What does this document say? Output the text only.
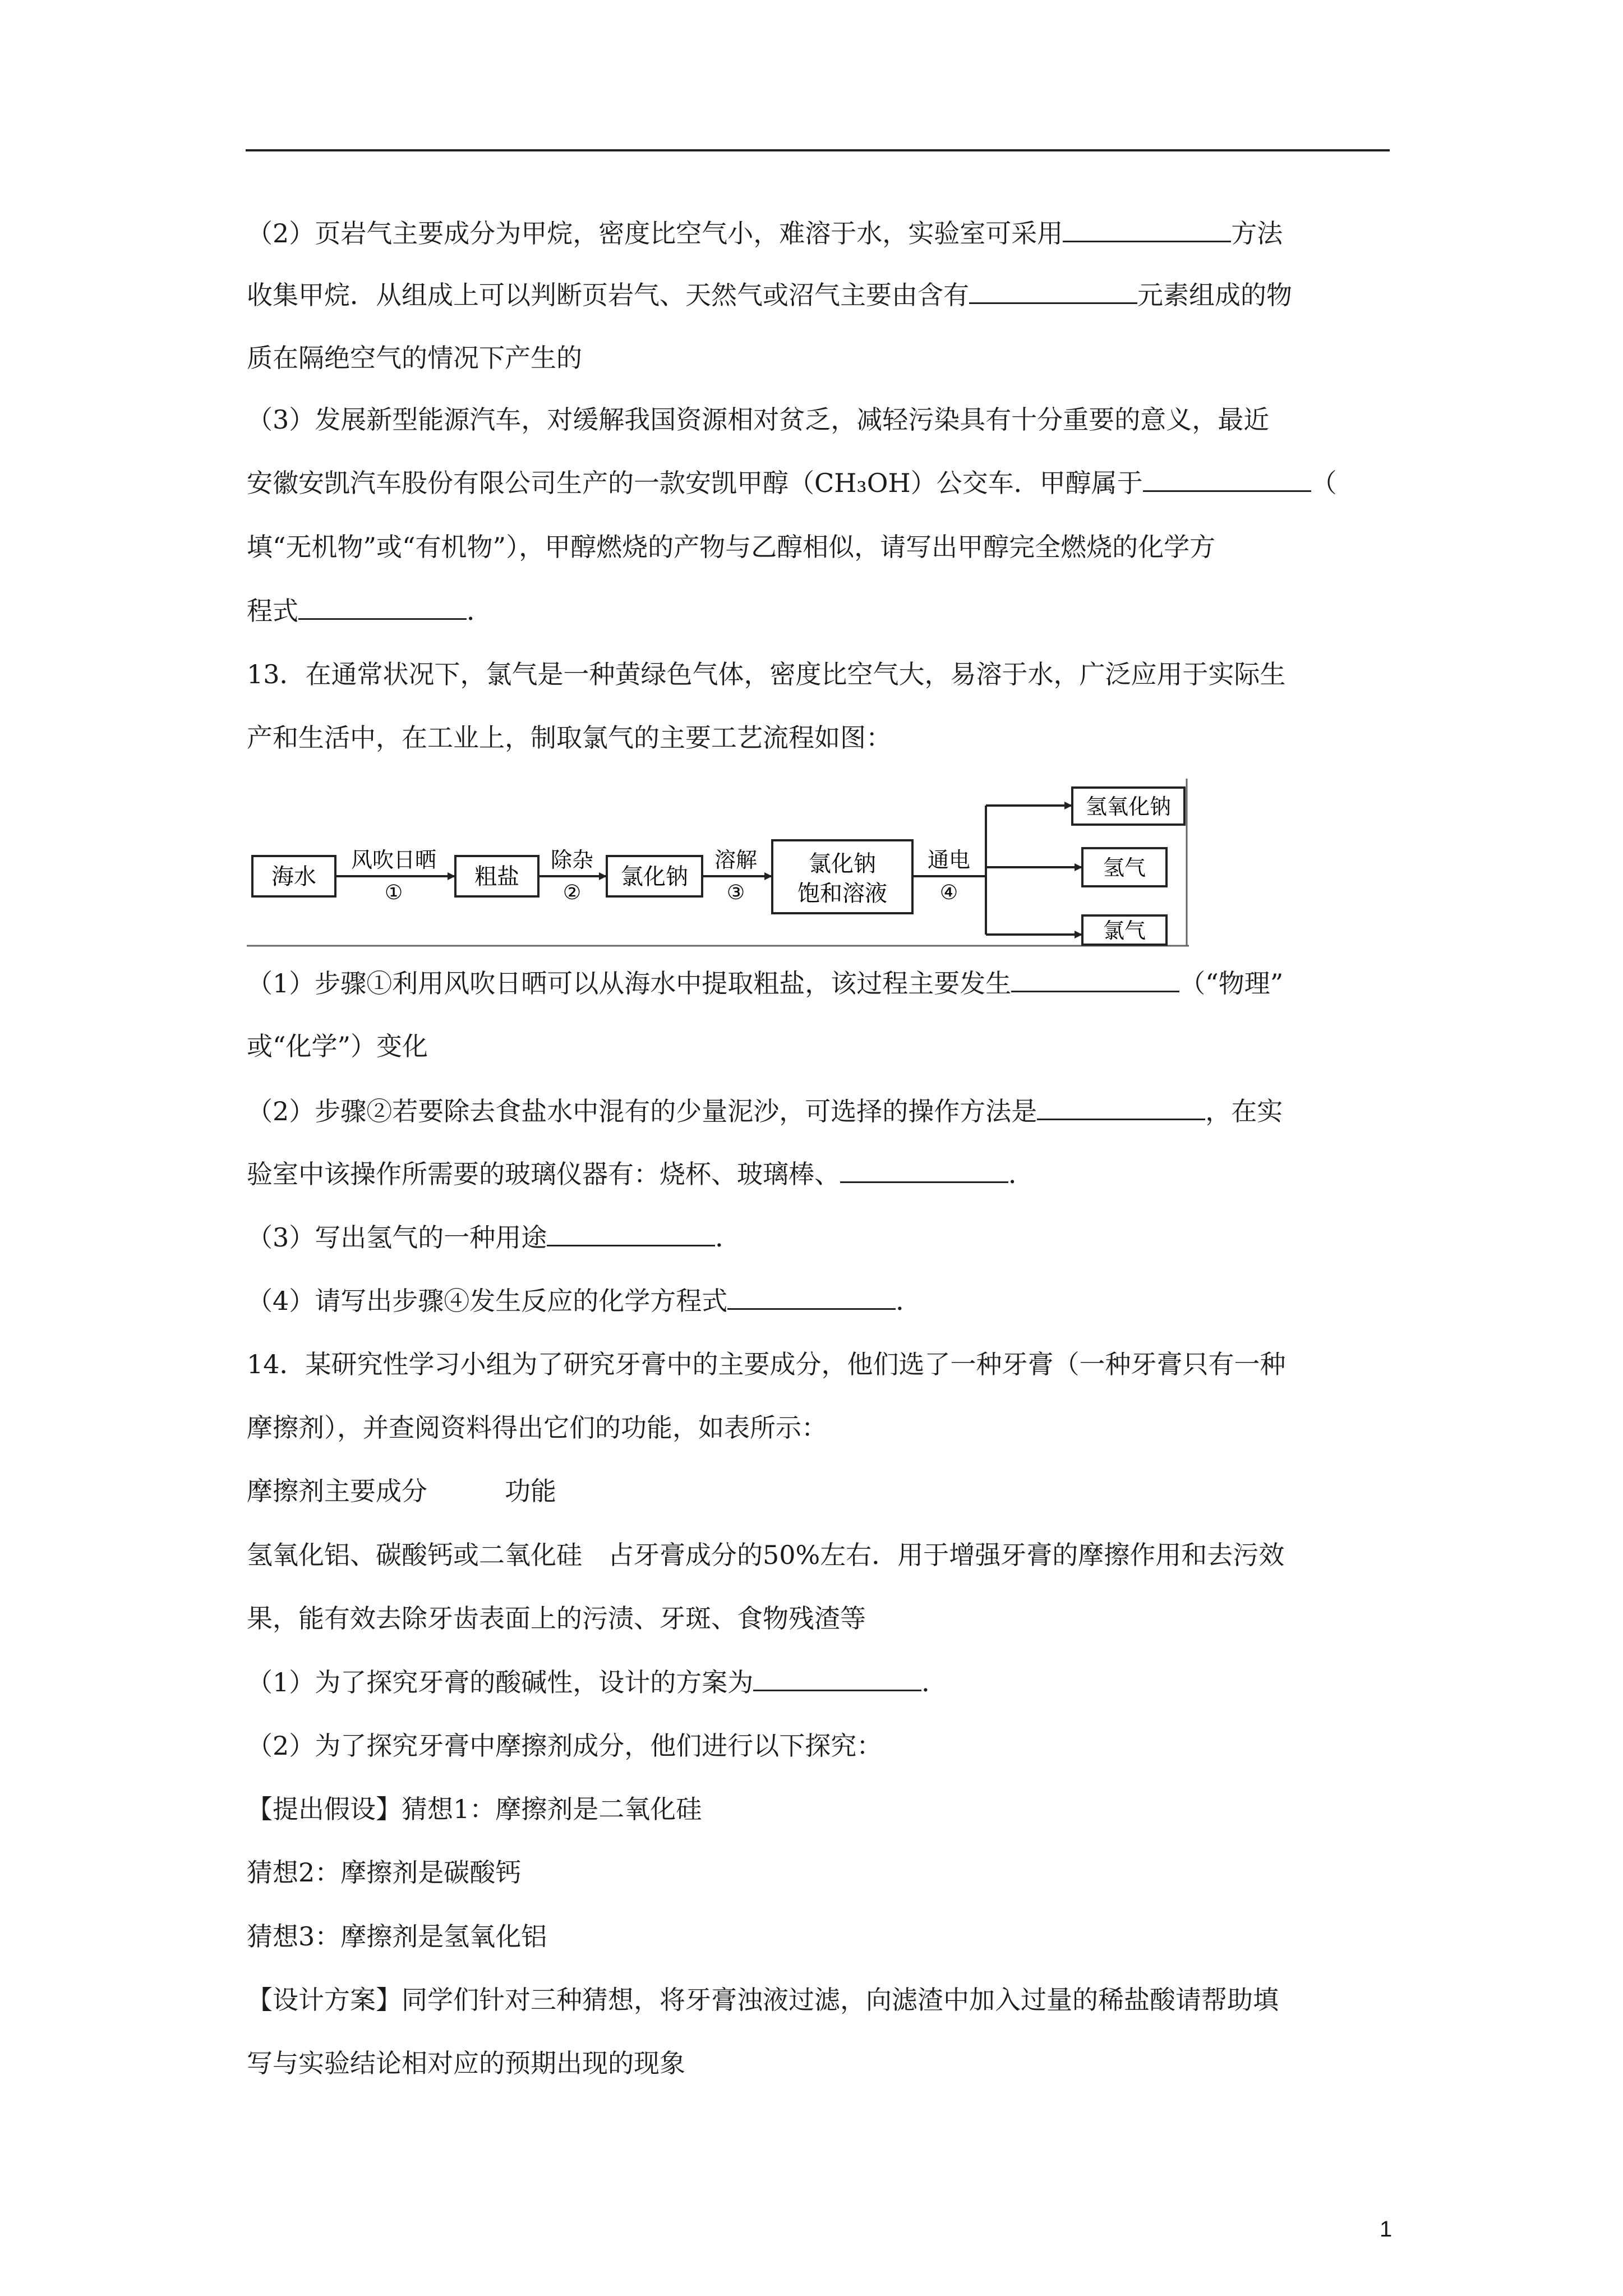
（2）页岩气主要成分为甲烷，密度比空气小，难溶于水，实验室可采用	方法
收集甲烷．从组成上可以判断页岩气、天然气或沼气主要由含有	元素组成的物
质在隔绝空气的情况下产生的
（3）发展新型能源汽车，对缓解我国资源相对贫乏，减轻污染具有十分重要的意义，最近
安徽安凯汽车股份有限公司生产的一款安凯甲醇（CH₃OH）公交车．甲醇属于	（
填“无机物”或“有机物”），甲醇燃烧的产物与乙醇相似，请写出甲醇完全燃烧的化学方
程式	．
13．在通常状况下，氯气是一种黄绿色气体，密度比空气大，易溶于水，广泛应用于实际生
产和生活中，在工业上，制取氯气的主要工艺流程如图：
（1）步骤①利用风吹日晒可以从海水中提取粗盐，该过程主要发生	（“物理”
或“化学”）变化
（2）步骤②若要除去食盐水中混有的少量泥沙，可选择的操作方法是	，在实
验室中该操作所需要的玻璃仪器有：烧杯、玻璃棒、	．
（3）写出氢气的一种用途	．
（4）请写出步骤④发生反应的化学方程式	．
14．某研究性学习小组为了研究牙膏中的主要成分，他们选了一种牙膏（一种牙膏只有一种
摩擦剂），并查阅资料得出它们的功能，如表所示：
摩擦剂主要成分　　　功能
氢氧化铝、碳酸钙或二氧化硅　占牙膏成分的50%左右．用于增强牙膏的摩擦作用和去污效
果，能有效去除牙齿表面上的污渍、牙斑、食物残渣等
（1）为了探究牙膏的酸碱性，设计的方案为	．
（2）为了探究牙膏中摩擦剂成分，他们进行以下探究：
【提出假设】猜想1：摩擦剂是二氧化硅
猜想2：摩擦剂是碳酸钙
猜想3：摩擦剂是氢氧化铝
【设计方案】同学们针对三种猜想，将牙膏浊液过滤，向滤渣中加入过量的稀盐酸请帮助填
写与实验结论相对应的预期出现的现象
海水
风吹日晒
①
粗盐
除杂
②
氯化钠
溶解
③
氯化钠
饱和溶液
通电
④
氢氧化钠
氢气
氯气
1
